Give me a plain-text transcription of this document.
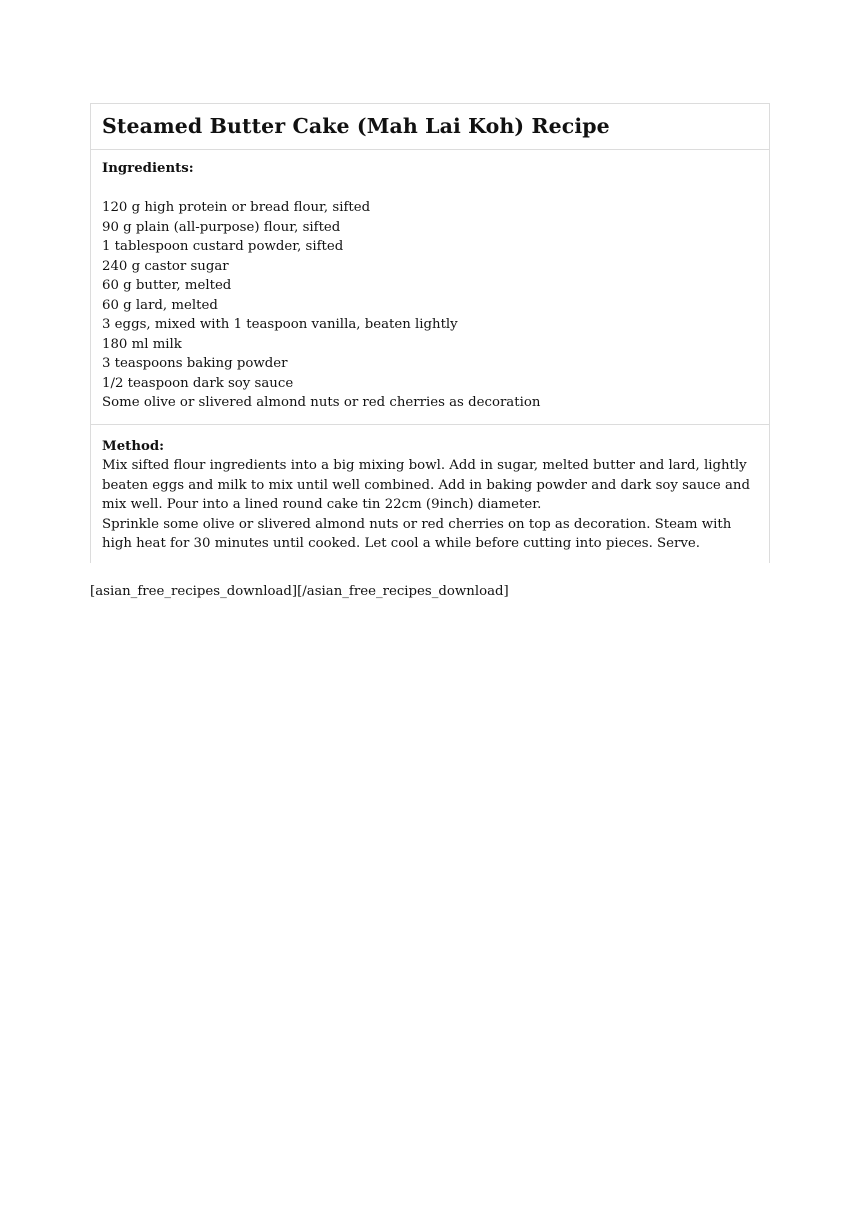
Steamed Butter Cake (Mah Lai Koh) Recipe

Ingredients:

120 g high protein or bread flour, sifted
90 g plain (all-purpose) flour, sifted
1 tablespoon custard powder, sifted
240 g castor sugar
60 g butter, melted
60 g lard, melted
3 eggs, mixed with 1 teaspoon vanilla, beaten lightly
180 ml milk
3 teaspoons baking powder
1/2 teaspoon dark soy sauce
Some olive or slivered almond nuts or red cherries as decoration

Method:

Mix sifted flour ingredients into a big mixing bowl. Add in sugar, melted butter and lard, lightly beaten eggs and milk to mix until well combined. Add in baking powder and dark soy sauce and mix well. Pour into a lined round cake tin 22cm (9inch) diameter.

Sprinkle some olive or slivered almond nuts or red cherries on top as decoration. Steam with high heat for 30 minutes until cooked. Let cool a while before cutting into pieces. Serve.

[asian_free_recipes_download][/asian_free_recipes_download]
